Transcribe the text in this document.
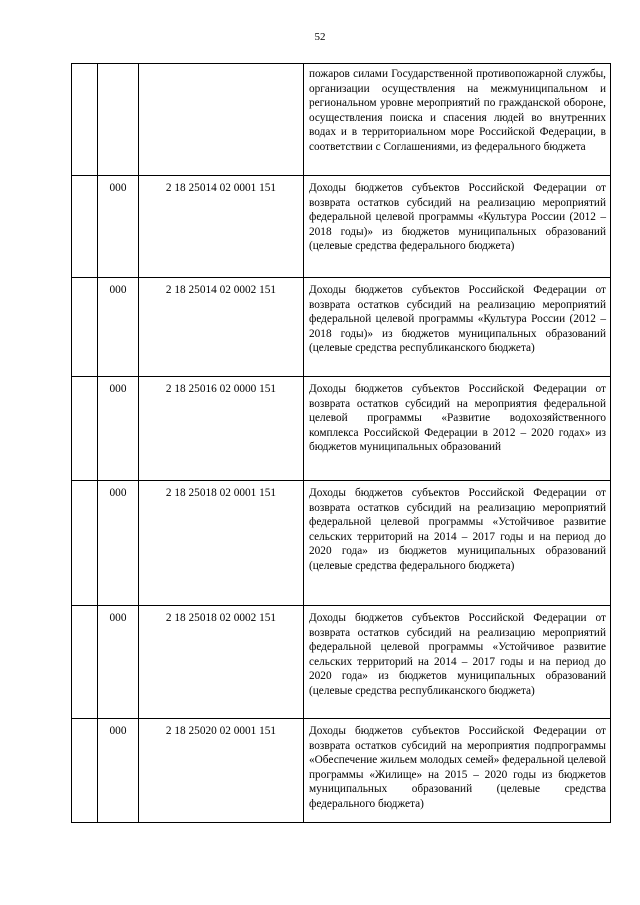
52
			пожаров силами Государственной противопожарной службы, организации осуществления на межмуниципальном и региональном уровне мероприятий по гражданской обороне, осуществления поиска и спасения людей во внутренних водах и в территориальном море Российской Федерации, в соответствии с Соглашениями, из федерального бюджета
	000	2 18 25014 02 0001 151	Доходы бюджетов субъектов Российской Федерации от возврата остатков субсидий на реализацию мероприятий федеральной целевой программы «Культура России (2012 – 2018 годы)» из бюджетов муниципальных образований (целевые средства федерального бюджета)
	000	2 18 25014 02 0002 151	Доходы бюджетов субъектов Российской Федерации от возврата остатков субсидий на реализацию мероприятий федеральной целевой программы «Культура России (2012 – 2018 годы)» из бюджетов муниципальных образований (целевые средства республиканского бюджета)
	000	2 18 25016 02 0000 151	Доходы бюджетов субъектов Российской Федерации от возврата остатков субсидий на мероприятия федеральной целевой программы «Развитие водохозяйственного комплекса Российской Федерации в 2012 – 2020 годах» из бюджетов муниципальных образований
	000	2 18 25018 02 0001 151	Доходы бюджетов субъектов Российской Федерации от возврата остатков субсидий на реализацию мероприятий федеральной целевой программы «Устойчивое развитие сельских территорий на 2014 – 2017 годы и на период до 2020 года» из бюджетов муниципальных образований (целевые средства федерального бюджета)
	000	2 18 25018 02 0002 151	Доходы бюджетов субъектов Российской Федерации от возврата остатков субсидий на реализацию мероприятий федеральной целевой программы «Устойчивое развитие сельских территорий на 2014 – 2017 годы и на период до 2020 года» из бюджетов муниципальных образований (целевые средства республиканского бюджета)
	000	2 18 25020 02 0001 151	Доходы бюджетов субъектов Российской Федерации от возврата остатков субсидий на мероприятия подпрограммы «Обеспечение жильем молодых семей» федеральной целевой программы «Жилище» на 2015 – 2020 годы из бюджетов муниципальных образований (целевые средства федерального бюджета)
